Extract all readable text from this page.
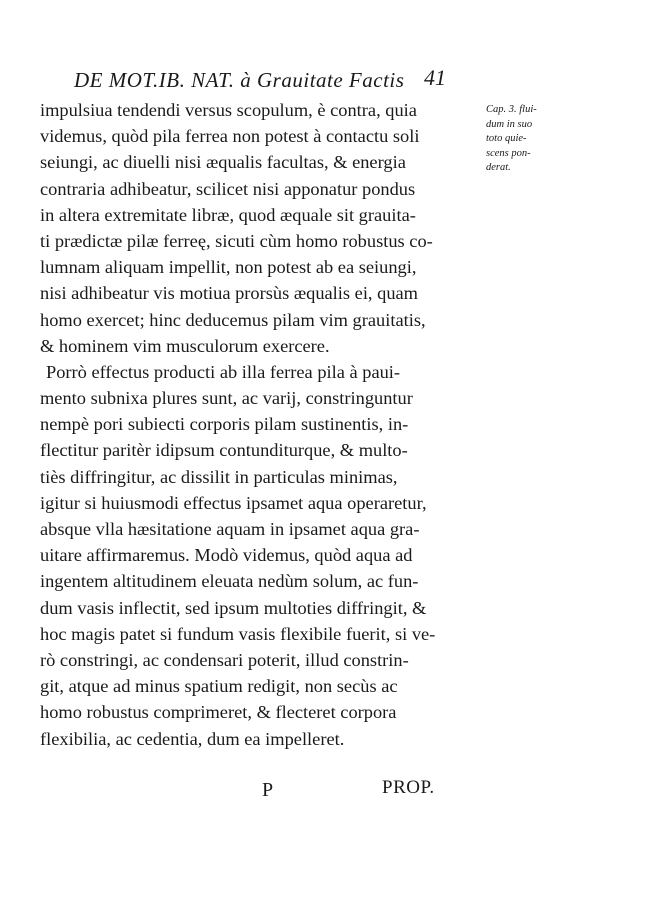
DE MOT.IB. NAT. à Grauitate Factis 41
impulsiua tendendi versus scopulum, è contra, quia
videmus, quòd pila ferrea non potest à contactu soli
seiungi, ac diuelli nisi æqualis facultas, & energia
contraria adhibeatur, scilicet nisi apponatur pondus
in altera extremitate libræ, quod æquale sit grauita-
ti prædictæ pilæ ferreę, sicuti cùm homo robustus co-
lumnam aliquam impellit, non potest ab ea seiungi,
nisi adhibeatur vis motiua prorsùs æqualis ei, quam
homo exercet; hinc deducemus pilam vim grauitatis,
& hominem vim musculorum exercere.
Porrò effectus producti ab illa ferrea pila à paui-
mento subnixa plures sunt, ac varij, constringuntur
nempè pori subiecti corporis pilam sustinentis, in-
flectitur paritèr idipsum contunditurque, & multo-
tiès diffringitur, ac dissilit in particulas minimas,
igitur si huiusmodi effectus ipsamet aqua operaretur,
absque vlla hæsitatione aquam in ipsamet aqua gra-
uitare affirmaremus. Modò videmus, quòd aqua ad
ingentem altitudinem eleuata nedùm solum, ac fun-
dum vasis inflectit, sed ipsum multoties diffringit, &
hoc magis patet si fundum vasis flexibile fuerit, si ve-
rò constringi, ac condensari poterit, illud constrin-
git, atque ad minus spatium redigit, non secùs ac
homo robustus comprimeret, & flecteret corpora
flexibilia, ac cedentia, dum ea impelleret.
Cap. 3. flui-
dum in suo
toto quie-
scens pon-
derat.
P	PROP.
